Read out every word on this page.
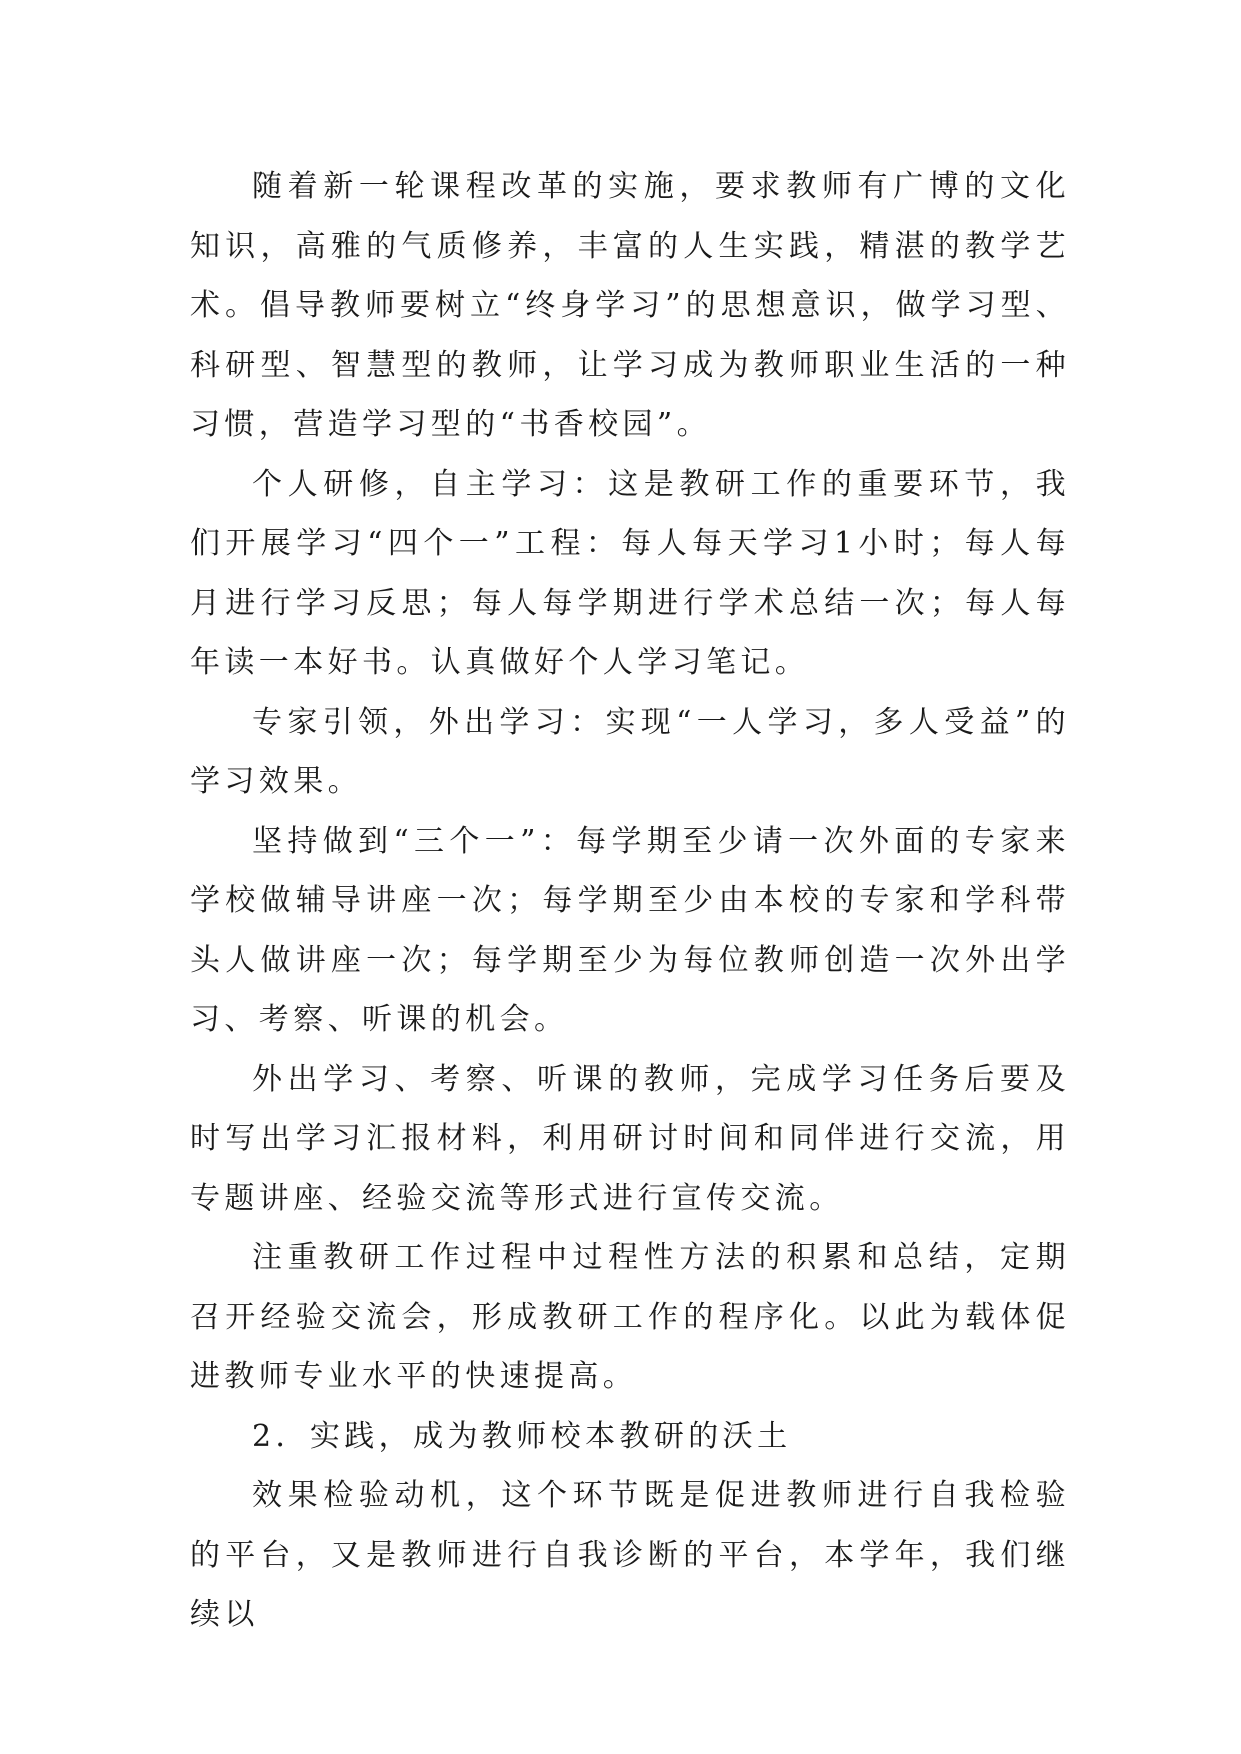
随着新一轮课程改革的实施，要求教师有广博的文化知识，高雅的气质修养，丰富的人生实践，精湛的教学艺术。倡导教师要树立“终身学习”的思想意识，做学习型、科研型、智慧型的教师，让学习成为教师职业生活的一种习惯，营造学习型的“书香校园”。

个人研修，自主学习：这是教研工作的重要环节，我们开展学习“四个一”工程：每人每天学习1小时；每人每月进行学习反思；每人每学期进行学术总结一次；每人每年读一本好书。认真做好个人学习笔记。

专家引领，外出学习：实现“一人学习，多人受益”的学习效果。

坚持做到“三个一”：每学期至少请一次外面的专家来学校做辅导讲座一次；每学期至少由本校的专家和学科带头人做讲座一次；每学期至少为每位教师创造一次外出学习、考察、听课的机会。

外出学习、考察、听课的教师，完成学习任务后要及时写出学习汇报材料，利用研讨时间和同伴进行交流，用专题讲座、经验交流等形式进行宣传交流。

注重教研工作过程中过程性方法的积累和总结，定期召开经验交流会，形成教研工作的程序化。以此为载体促进教师专业水平的快速提高。

2．实践，成为教师校本教研的沃土

效果检验动机，这个环节既是促进教师进行自我检验的平台，又是教师进行自我诊断的平台，本学年，我们继续以
